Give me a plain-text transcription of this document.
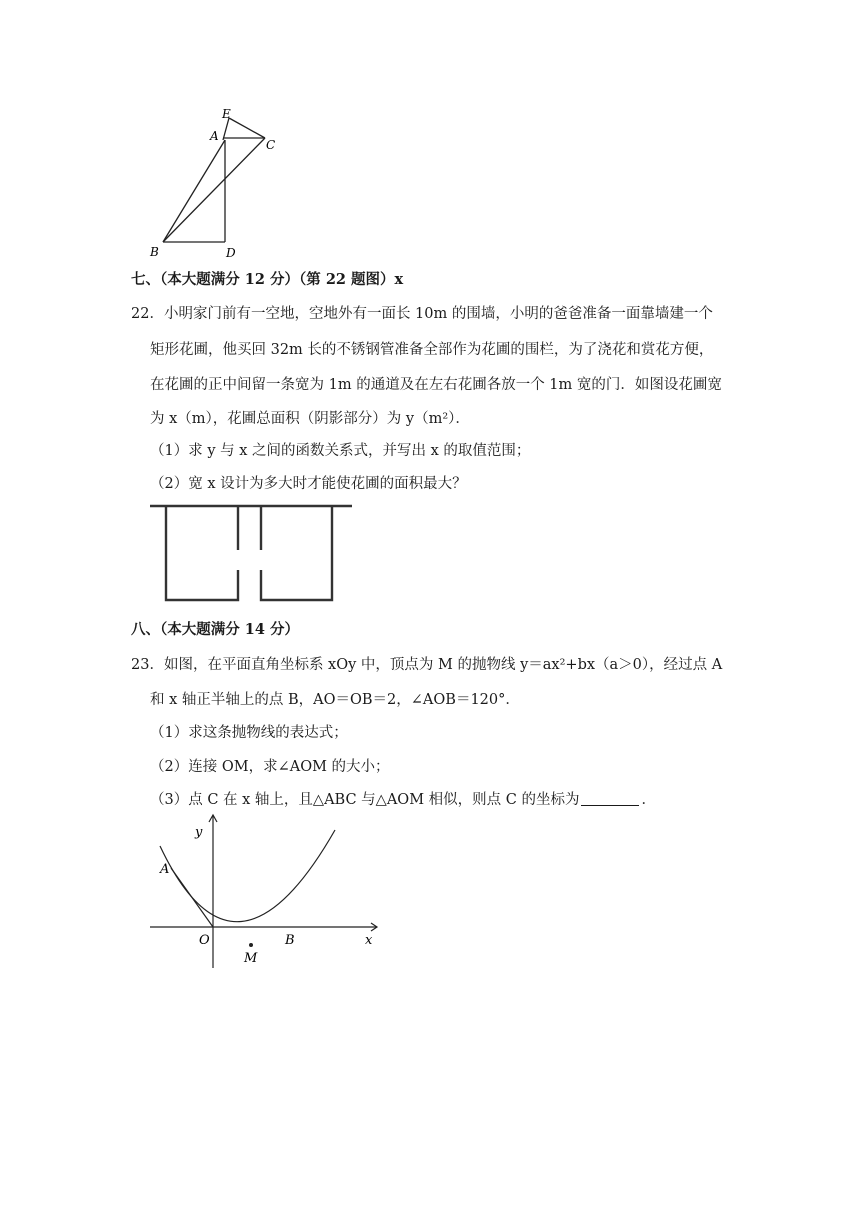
E
A
C
B	D
七、（本大题满分 12 分）（第 22 题图）x
22．小明家门前有一空地，空地外有一面长 10m 的围墙，小明的爸爸准备一面靠墙建一个
矩形花圃，他买回 32m 长的不锈钢管准备全部作为花圃的围栏，为了浇花和赏花方便，
在花圃的正中间留一条宽为 1m 的通道及在左右花圃各放一个 1m 宽的门．如图设花圃宽
为 x（m），花圃总面积（阴影部分）为 y（m²）．
（1）求 y 与 x 之间的函数关系式，并写出 x 的取值范围；
（2）宽 x 设计为多大时才能使花圃的面积最大？
八、（本大题满分 14 分）
23．如图，在平面直角坐标系 xOy 中，顶点为 M 的抛物线 y＝ax²+bx（a＞0），经过点 A
和 x 轴正半轴上的点 B，AO＝OB＝2，∠AOB＝120°．
（1）求这条抛物线的表达式；
（2）连接 OM，求∠AOM 的大小；
（3）点 C 在 x 轴上，且△ABC 与△AOM 相似，则点 C 的坐标为	．
y
A
O	B	x
M
